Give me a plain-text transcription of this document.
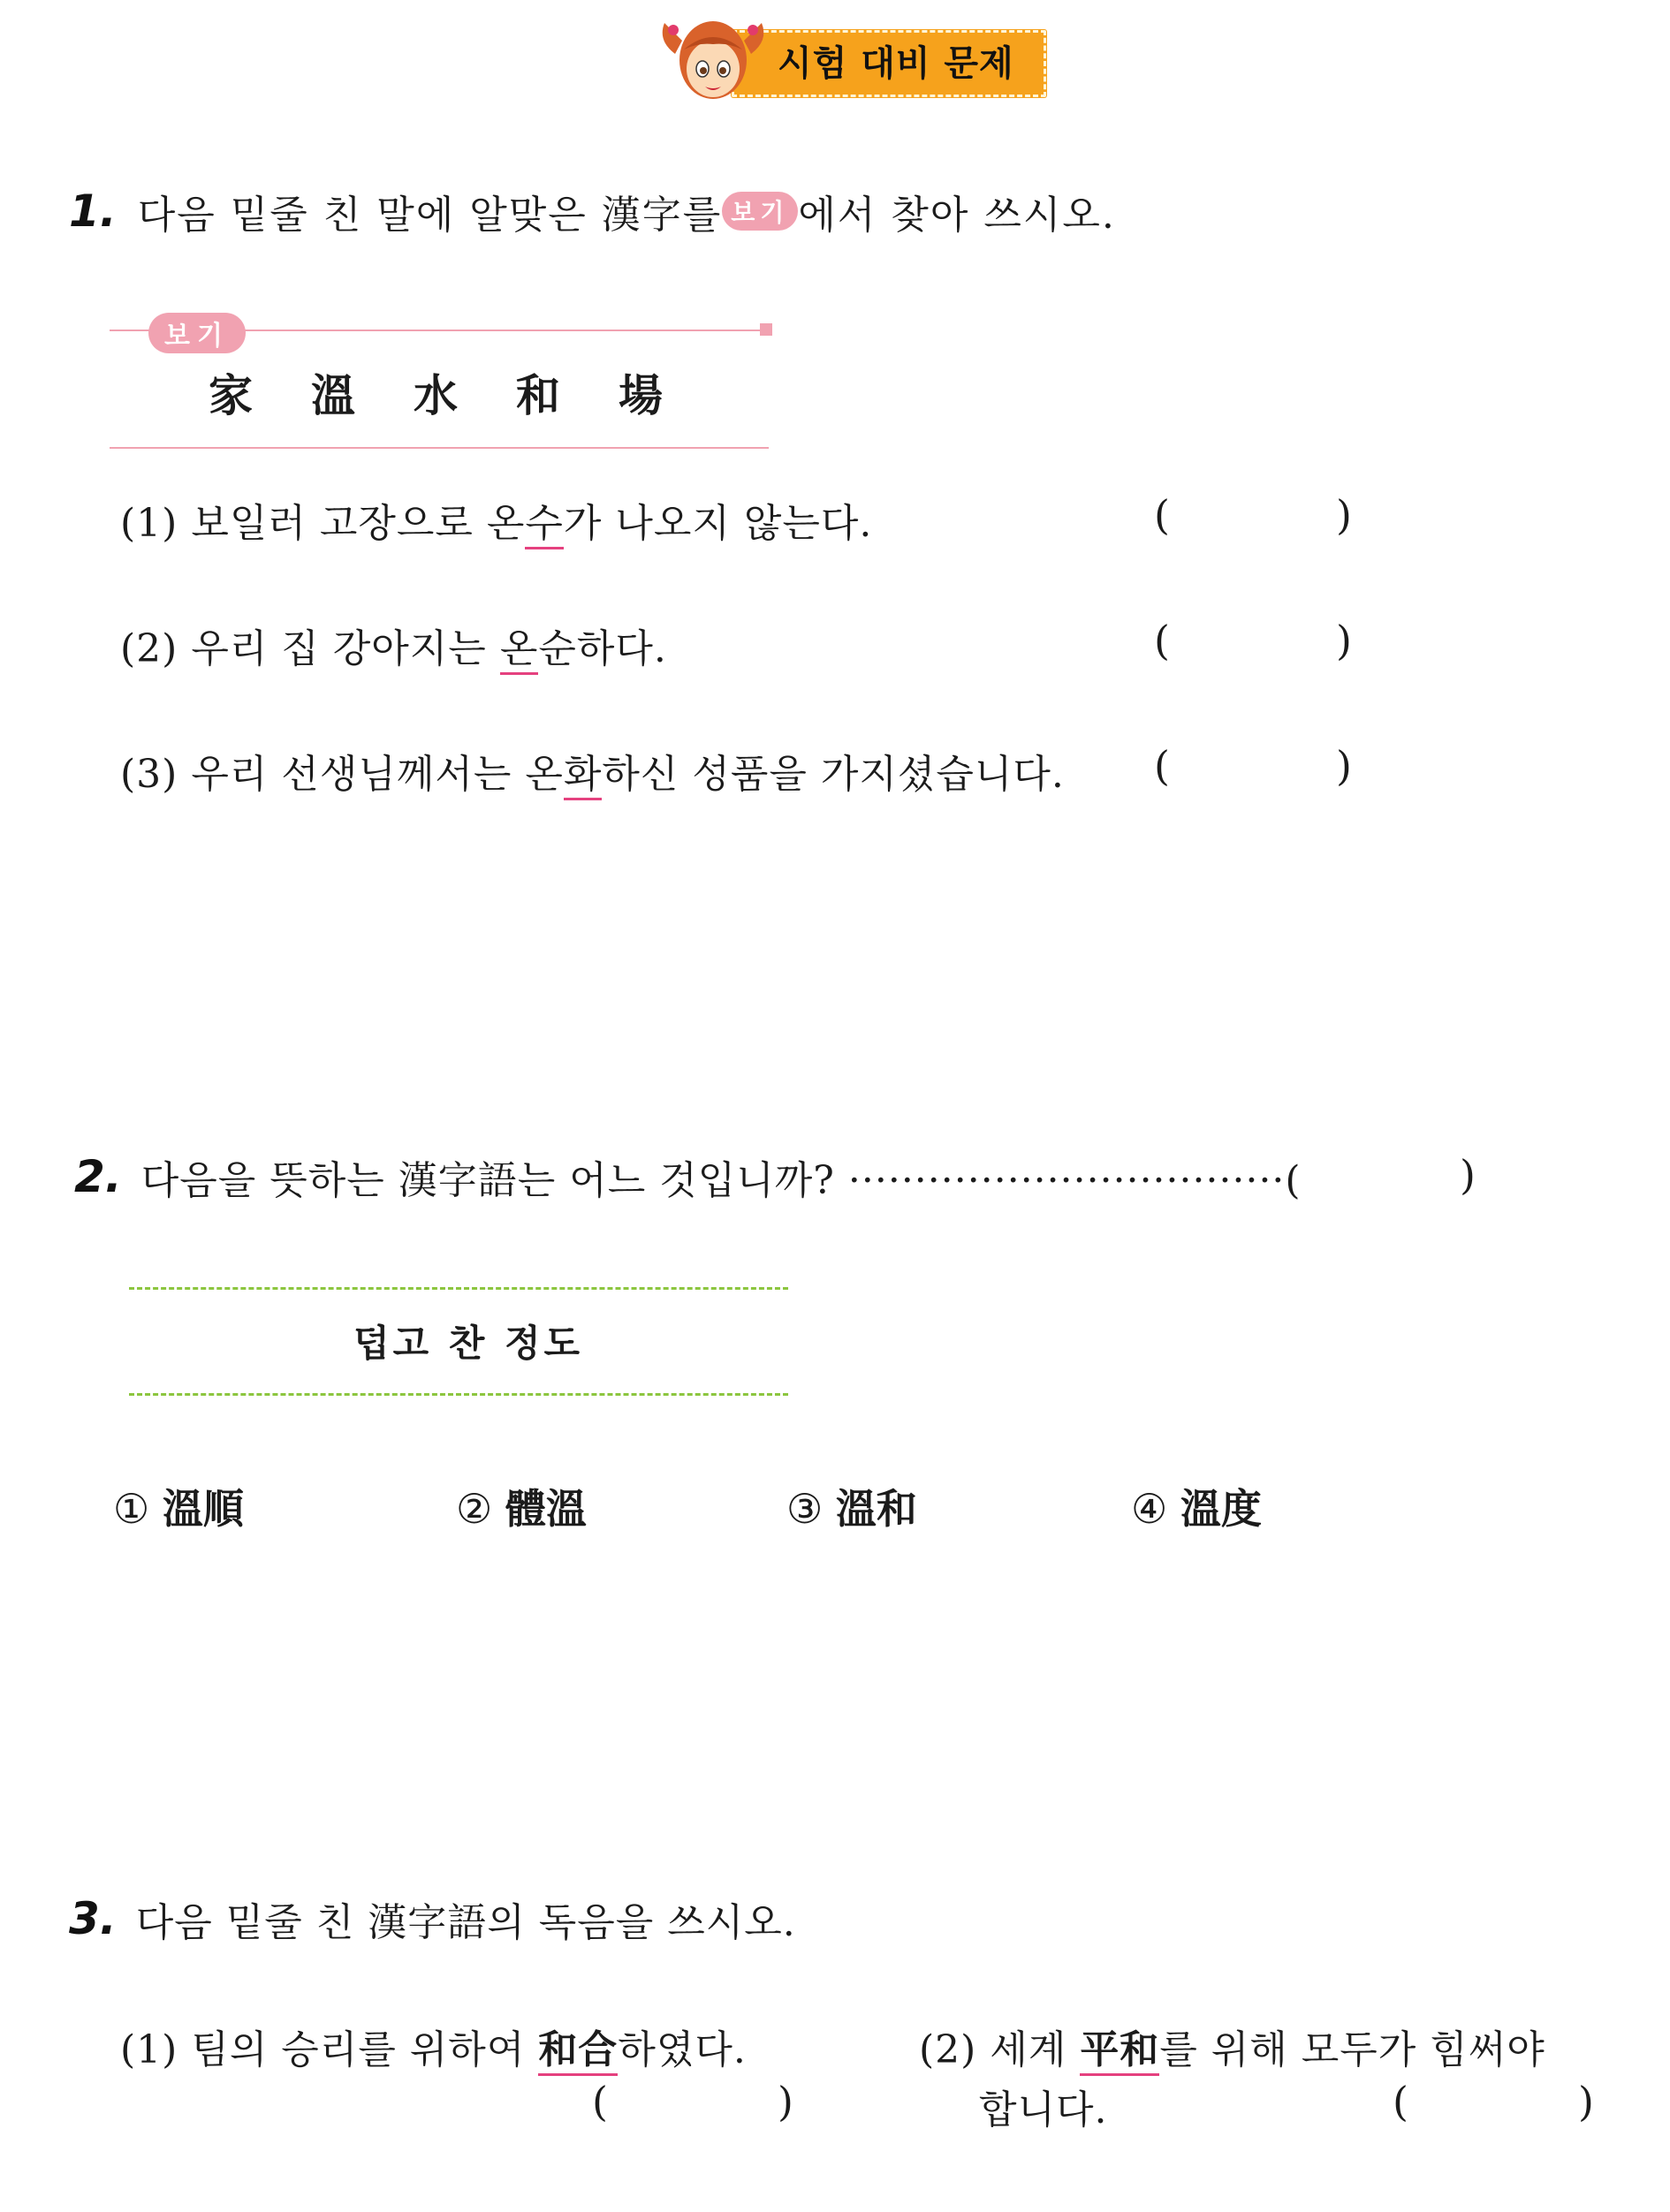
시험 대비 문제
1. 다음 밑줄 친 말에 알맞은 漢字를 보기 에서 찾아 쓰시오.
보기
家 溫 水 和 場
(1) 보일러 고장으로 온수가 나오지 않는다.	(	)
(2) 우리 집 강아지는 온순하다.	(	)
(3) 우리 선생님께서는 온화하신 성품을 가지셨습니다. (	)
2. 다음을 뜻하는 漢字語는 어느 것입니까? ·································(	)
덥고 찬 정도
① 溫順	② 體溫	③ 溫和	④ 溫度
3. 다음 밑줄 친 漢字語의 독음을 쓰시오.
(1) 팀의 승리를 위하여 和合하였다.
(	)
(2) 세계 平和를 위해 모두가 힘써야
합니다.	(	)
